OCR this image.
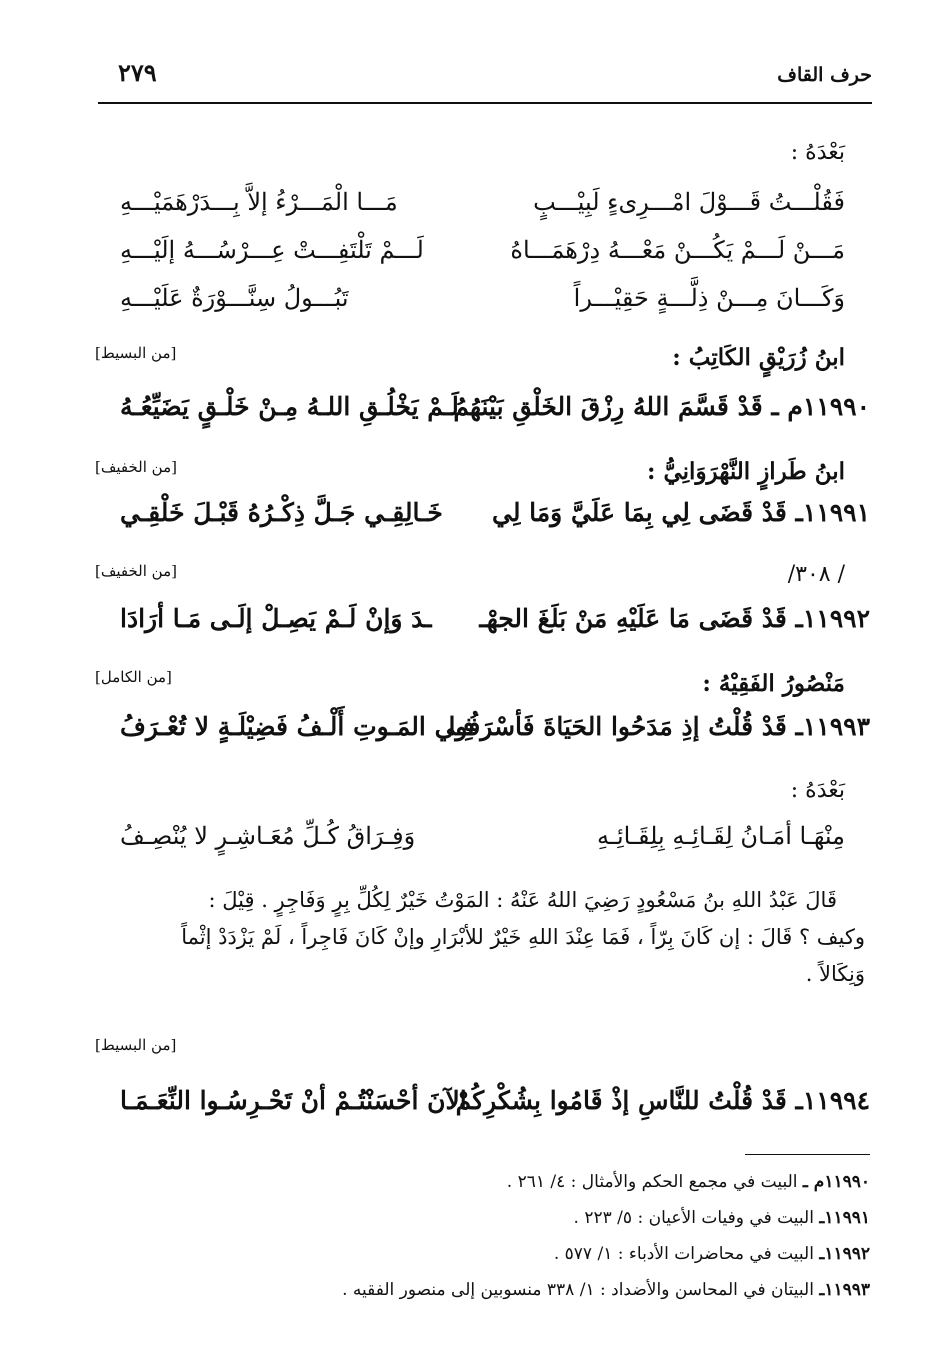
حرف القاف
٢٧٩
بَعْدَهُ :
فَقُلْـــتُ قَـــوْلَ امْـــرِىءٍ لَبِيْـــبٍ
مَـــا الْمَـــرْءُ إلاَّ بِـــدَرْهَمَيْـــهِ
مَـــنْ لَـــمْ يَكُـــنْ مَعْـــهُ دِرْهَمَـــاهُ
لَـــمْ تَلْتَفِـــتْ عِـــرْسُـــهُ إلَيْـــهِ
وَكَـــانَ مِـــنْ ذِلَّـــةٍ حَقِيْـــراً
تَبُـــولُ سِنَّـــوْرَةٌ عَلَيْـــهِ
ابنُ زُرَيْقٍ الكَاتِبُ :
[من البسيط]
١١٩٩٠م ـ قَدْ قَسَّمَ اللهُ رِزْقَ الخَلْقِ بَيْنَهُمُ
لَـمْ يَخْلُـقِ اللـهُ مِـنْ خَلْـقٍ يَضَيِّعُـهُ
ابنُ طَرازٍ النَّهْرَوَانِيُّ :
[من الخفيف]
١١٩٩١ـ قَدْ قَضَى لِي بِمَا عَلَيَّ وَمَا لِي
خَـالِقِـي جَـلَّ ذِكْـرُهُ قَبْـلَ خَلْقِـي
/ ٣٠٨/
[من الخفيف]
١١٩٩٢ـ قَدْ قَضَى مَا عَلَيْهِ مَنْ بَلَغَ الجهْـ
ـدَ وَإنْ لَـمْ يَصِـلْ إلَـى مَـا أرَادَا
مَنْصُورُ الفَقِيْهُ :
[من الكامل]
١١٩٩٣ـ قَدْ قُلْتُ إذِ مَدَحُوا الحَيَاةَ فَأسْرَفُوا
فِـي المَـوتِ أَلْـفُ فَضِيْلَـةٍ لا تُعْـرَفُ
بَعْدَهُ :
مِنْهَـا أمَـانُ لِقَـائِـهِ بِلِقَـائِـهِ
وَفِـرَاقُ كُـلِّ مُعَـاشِـرٍ لا يُنْصِـفُ
قَالَ عَبْدُ اللهِ بنُ مَسْعُودٍ رَضِيَ اللهُ عَنْهُ : المَوْتُ خَيْرٌ لِكُلِّ بِرٍ وَفَاجِرٍ . قِيْلَ :
وكيف ؟ قَالَ : إن كَانَ بِرّاً ، فَمَا عِنْدَ اللهِ خَيْرٌ للأبْرَارِ وإنْ كَانَ فَاجِراً ، لَمْ يَزْدَدْ إثْماً
وَنِكَالاً .
[من البسيط]
١١٩٩٤ـ قَدْ قُلْتُ للنَّاسِ إذْ قَامُوا بِشُكْرِكُمْ
الآنَ أحْسَنْتُـمْ أنْ تَحْـرِسُـوا النِّعَـمَـا
١١٩٩٠م ـ البيت في مجمع الحكم والأمثال : ٤/ ٢٦١ .
١١٩٩١ـ البيت في وفيات الأعيان : ٥/ ٢٢٣ .
١١٩٩٢ـ البيت في محاضرات الأدباء : ١/ ٥٧٧ .
١١٩٩٣ـ البيتان في المحاسن والأضداد : ١/ ٣٣٨ منسوبين إلى منصور الفقيه .
